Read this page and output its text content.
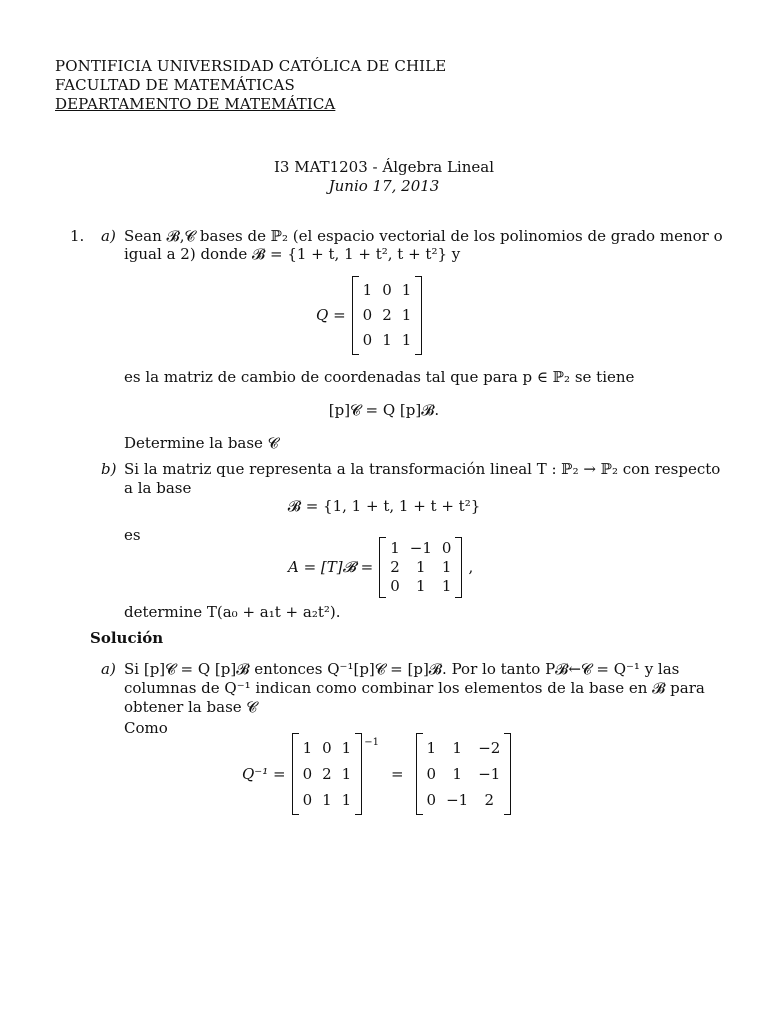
PONTIFICIA UNIVERSIDAD CATÓLICA DE CHILE
FACULTAD DE MATEMÁTICAS
DEPARTAMENTO DE MATEMÁTICA
I3 MAT1203 - Álgebra Lineal
Junio 17, 2013
1. a) Sean 𝓑,𝓒 bases de ℙ₂ (el espacio vectorial de los polinomios de grado menor o
igual a 2) donde 𝓑 = {1 + t, 1 + t², t + t²} y
Q =
1	0	1
0	2	1
0	1	1
es la matriz de cambio de coordenadas tal que para p ∈ ℙ₂ se tiene
[p]𝓒 = Q [p]𝓑.
Determine la base 𝓒
b) Si la matriz que representa a la transformación lineal T : ℙ₂ → ℙ₂ con respecto
a la base
𝓑 = {1, 1 + t, 1 + t + t²}
es
A = [T]𝓑 =
1	−1	0
2	1	1
0	1	1
,
determine T(a₀ + a₁t + a₂t²).
Solución
a) Si [p]𝓒 = Q [p]𝓑 entonces Q⁻¹[p]𝓒 = [p]𝓑. Por lo tanto P𝓑←𝓒 = Q⁻¹ y las
columnas de Q⁻¹ indican como combinar los elementos de la base en 𝓑 para
obtener la base 𝓒
Como
Q⁻¹ =
1	0	1
0	2	1
0	1	1
−1
=
1	1	−2
0	1	−1
0	−1	2
